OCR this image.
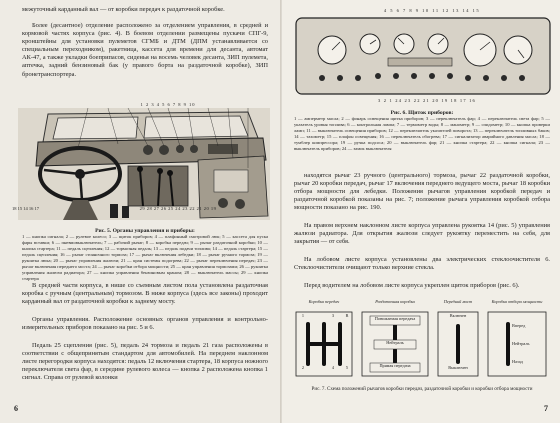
межуточный карданный вал — от коробки передач к раздаточной коробке.
Более (десантное) отделение расположено за отделением управления, в средней и кормовой частях корпуса (рис. 4). В боевом отделении размещены пускачи СПГ-9, кронштейны для установки пулеметов СГМБ и ДТМ (ДПМ устанавливается со специальным переходником), ракетница, кассета для времени для десанта, автомат АК-47, а также укладки боеприпасов, сиденья на восемь человек десанта, ЗИП пулемета, аптечка, задний бензиновый бак (у правого борта на раздаточной коробке), ЗИП бронетранспортера.
1 2 3 4 5 6 7 8 9 10
18 15 14 16 17	29 28 27 26 25 24 23 22 21 20 19
Рис. 5. Органы управления и приборы:
1 — кнопка сигнала; 2 — рулевое колесо; 3 — щиток приборов; 4 — плафонный смотровой люк; 5 — кассета для пуска фары вставки; 6 — пневмовыключатель; 7 — рабочий рычаг; 8 — коробка передач; 9 — рычаг раздаточной коробки; 10 — кнопка стартера; 11 — педаль сцепления; 12 — тормозная педаль; 13 — педаль подачи топлива; 14 — педаль стартера; 15 — педаль сцепления; 16 — рычаг стояночного тормоза; 17 — рычаг включения лебедки; 18 — рычаг ручного тормоза; 19 — рукоятка люка; 20 — рычаг управления жалюзи; 21 — кран системы подогрева; 22 — рычаг переключения передач; 23 — рычаг включения переднего моста; 24 — рычаг коробки отбора мощности; 25 — кран управления тормозами; 26 — рукоятка управления жалюзи радиатора; 27 — кнопка управления бензиновым краном; 28 — выключатель массы; 29 — кнопка стартера
В средней части корпуса, в нише со съемным листом пола установлена раздаточная коробка с ручным (центральным) тормозом. В ниже корпуса (здесь все законы) проходит карданный вал от раздаточной коробки к заднему мосту.
Органы управления. Расположение основных органов управления и контрольно-измерительных приборов показано на рис. 5 и 6.
Педаль 25 сцепления (рис. 5), педаль 24 тормоза и педаль 21 газа расположены в соответствии с общепринятым стандартом для автомобилей. На переднем наклонном листе перегородки корпуса находятся: педаль 12 включения стартера, 18 корпуса ножного переключателя света фар, в середине рулевого колеса — кнопка 2 расположена кнопка 1 сигнал. Справа от рулевой колонки
6
4 5 6 7 8 9 10 11 12 13 14 15
3 2 1 24 23 22 21 20 19 18 17 16
Рис. 6. Щиток приборов:
1 — амперметр масла; 2 — фонарь освещения щитка приборов; 3 — переключатель фар; 4 — переключатель света фар; 5 — указатель уровня топлива; 6 — контрольная лампа; 7 — термометр воды; 8 — манометр; 9 — спидометр; 10 — кнопка проверки ламп; 11 — выключатель освещения приборов; 12 — переключатель указателей поворота; 13 — переключатель топливных баков; 14 — тахометр; 15 — плафон освещения; 16 — переключатель обогрева; 17 — сигнализатор аварийного давления масла; 18 — тумблер компрессора; 19 — ручка подсоса; 20 — выключатель фар; 21 — кнопка стартера; 22 — кнопка сигнала; 23 — выключатель приборов; 24 — замок выключателя
находятся рычаг 23 ручного (центрального) тормоза, рычаг 22 раздаточной коробки, рычаг 20 коробки передач, рычаг 17 включения переднего ведущего моста, рычаг 18 коробки отбора мощности для лебедки. Положения рычагов управления коробкой передач и раздаточной коробкой показаны на рис. 7; положение рычага управления коробкой отбора мощности показано на рис. 190.
На правом верхнем наклонном листе корпуса управлена рукоятка 14 (рис. 5) управления жалюзи радиатора. Для открытия жалюзи следует рукоятку переместить на себя, для закрытия — от себя.
На лобовом листе корпуса установлены два электрических стеклоочистителя 6. Стеклоочистители очищают только верхние стекла.
Перед водителем на лобовом листе корпуса укреплен щиток приборов (рис. 6).
Коробка передач
1	3	R
2	4	5
Раздаточная коробка
Понижаемая передача
Нейтраль
Прямая передача
Передний мост
Включен
Выключен
Коробка отбора мощности
Вперед
Нейтраль
Назад
Рис. 7. Схема положений рычагов коробки передач, раздаточной коробки и коробки отбора мощности
7
